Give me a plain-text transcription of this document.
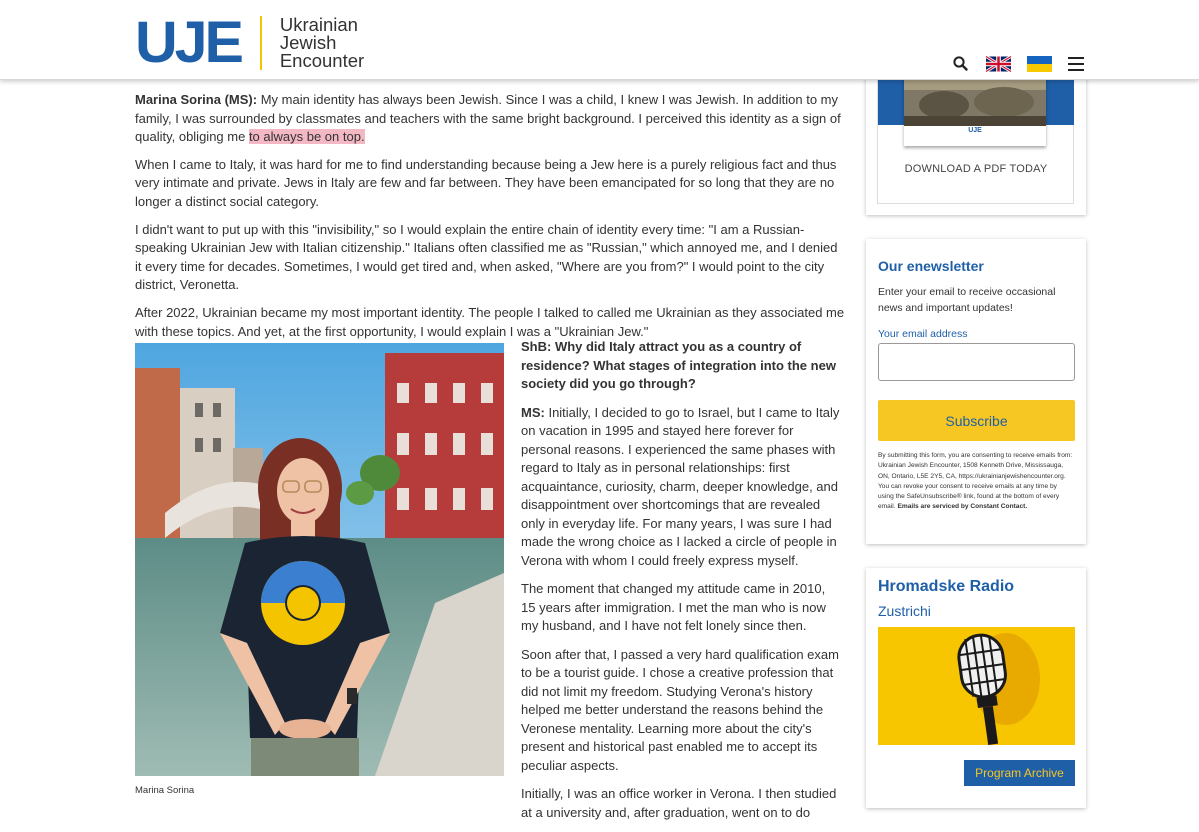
UJE Ukrainian
Jewish
Encounter

Marina Sorina (MS): My main identity has always been Jewish. Since I was a child, I knew I was Jewish. In addition to my family, I was surrounded by classmates and teachers with the same bright background. I perceived this identity as a sign of quality, obliging me to always be on top.

When I came to Italy, it was hard for me to find understanding because being a Jew here is a purely religious fact and thus very intimate and private. Jews in Italy are few and far between. They have been emancipated for so long that they are no longer a distinct social category.

I didn't want to put up with this "invisibility," so I would explain the entire chain of identity every time: "I am a Russian-speaking Ukrainian Jew with Italian citizenship." Italians often classified me as "Russian," which annoyed me, and I denied it every time for decades. Sometimes, I would get tired and, when asked, "Where are you from?" I would point to the city district, Veronetta.

After 2022, Ukrainian became my most important identity. The people I talked to called me Ukrainian as they associated me with these topics. And yet, at the first opportunity, I would explain I was a "Ukrainian Jew."

Marina Sorina

ShB: Why did Italy attract you as a country of residence? What stages of integration into the new society did you go through?

MS: Initially, I decided to go to Israel, but I came to Italy on vacation in 1995 and stayed here forever for personal reasons. I experienced the same phases with regard to Italy as in personal relationships: first acquaintance, curiosity, charm, deeper knowledge, and disappointment over shortcomings that are revealed only in everyday life. For many years, I was sure I had made the wrong choice as I lacked a circle of people in Verona with whom I could freely express myself.

The moment that changed my attitude came in 2010, 15 years after immigration. I met the man who is now my husband, and I have not felt lonely since then.

Soon after that, I passed a very hard qualification exam to be a tourist guide. I chose a creative profession that did not limit my freedom. Studying Verona's history helped me better understand the reasons behind the Veronese mentality. Learning more about the city's present and historical past enabled me to accept its peculiar aspects.

Initially, I was an office worker in Verona. I then studied at a university and, after graduation, went on to do

UJE
DOWNLOAD A PDF TODAY
Our enewsletter
Enter your email to receive occasional news and important updates!
Your email address
Subscribe
By submitting this form, you are consenting to receive emails from: Ukrainian Jewish Encounter, 1508 Kenneth Drive, Mississauga, ON, Ontario, L5E 2Y5, CA, https://ukrainianjewishencounter.org. You can revoke your consent to receive emails at any time by using the SafeUnsubscribe® link, found at the bottom of every email. Emails are serviced by Constant Contact.
Hromadske Radio
Zustrichi
Program Archive
